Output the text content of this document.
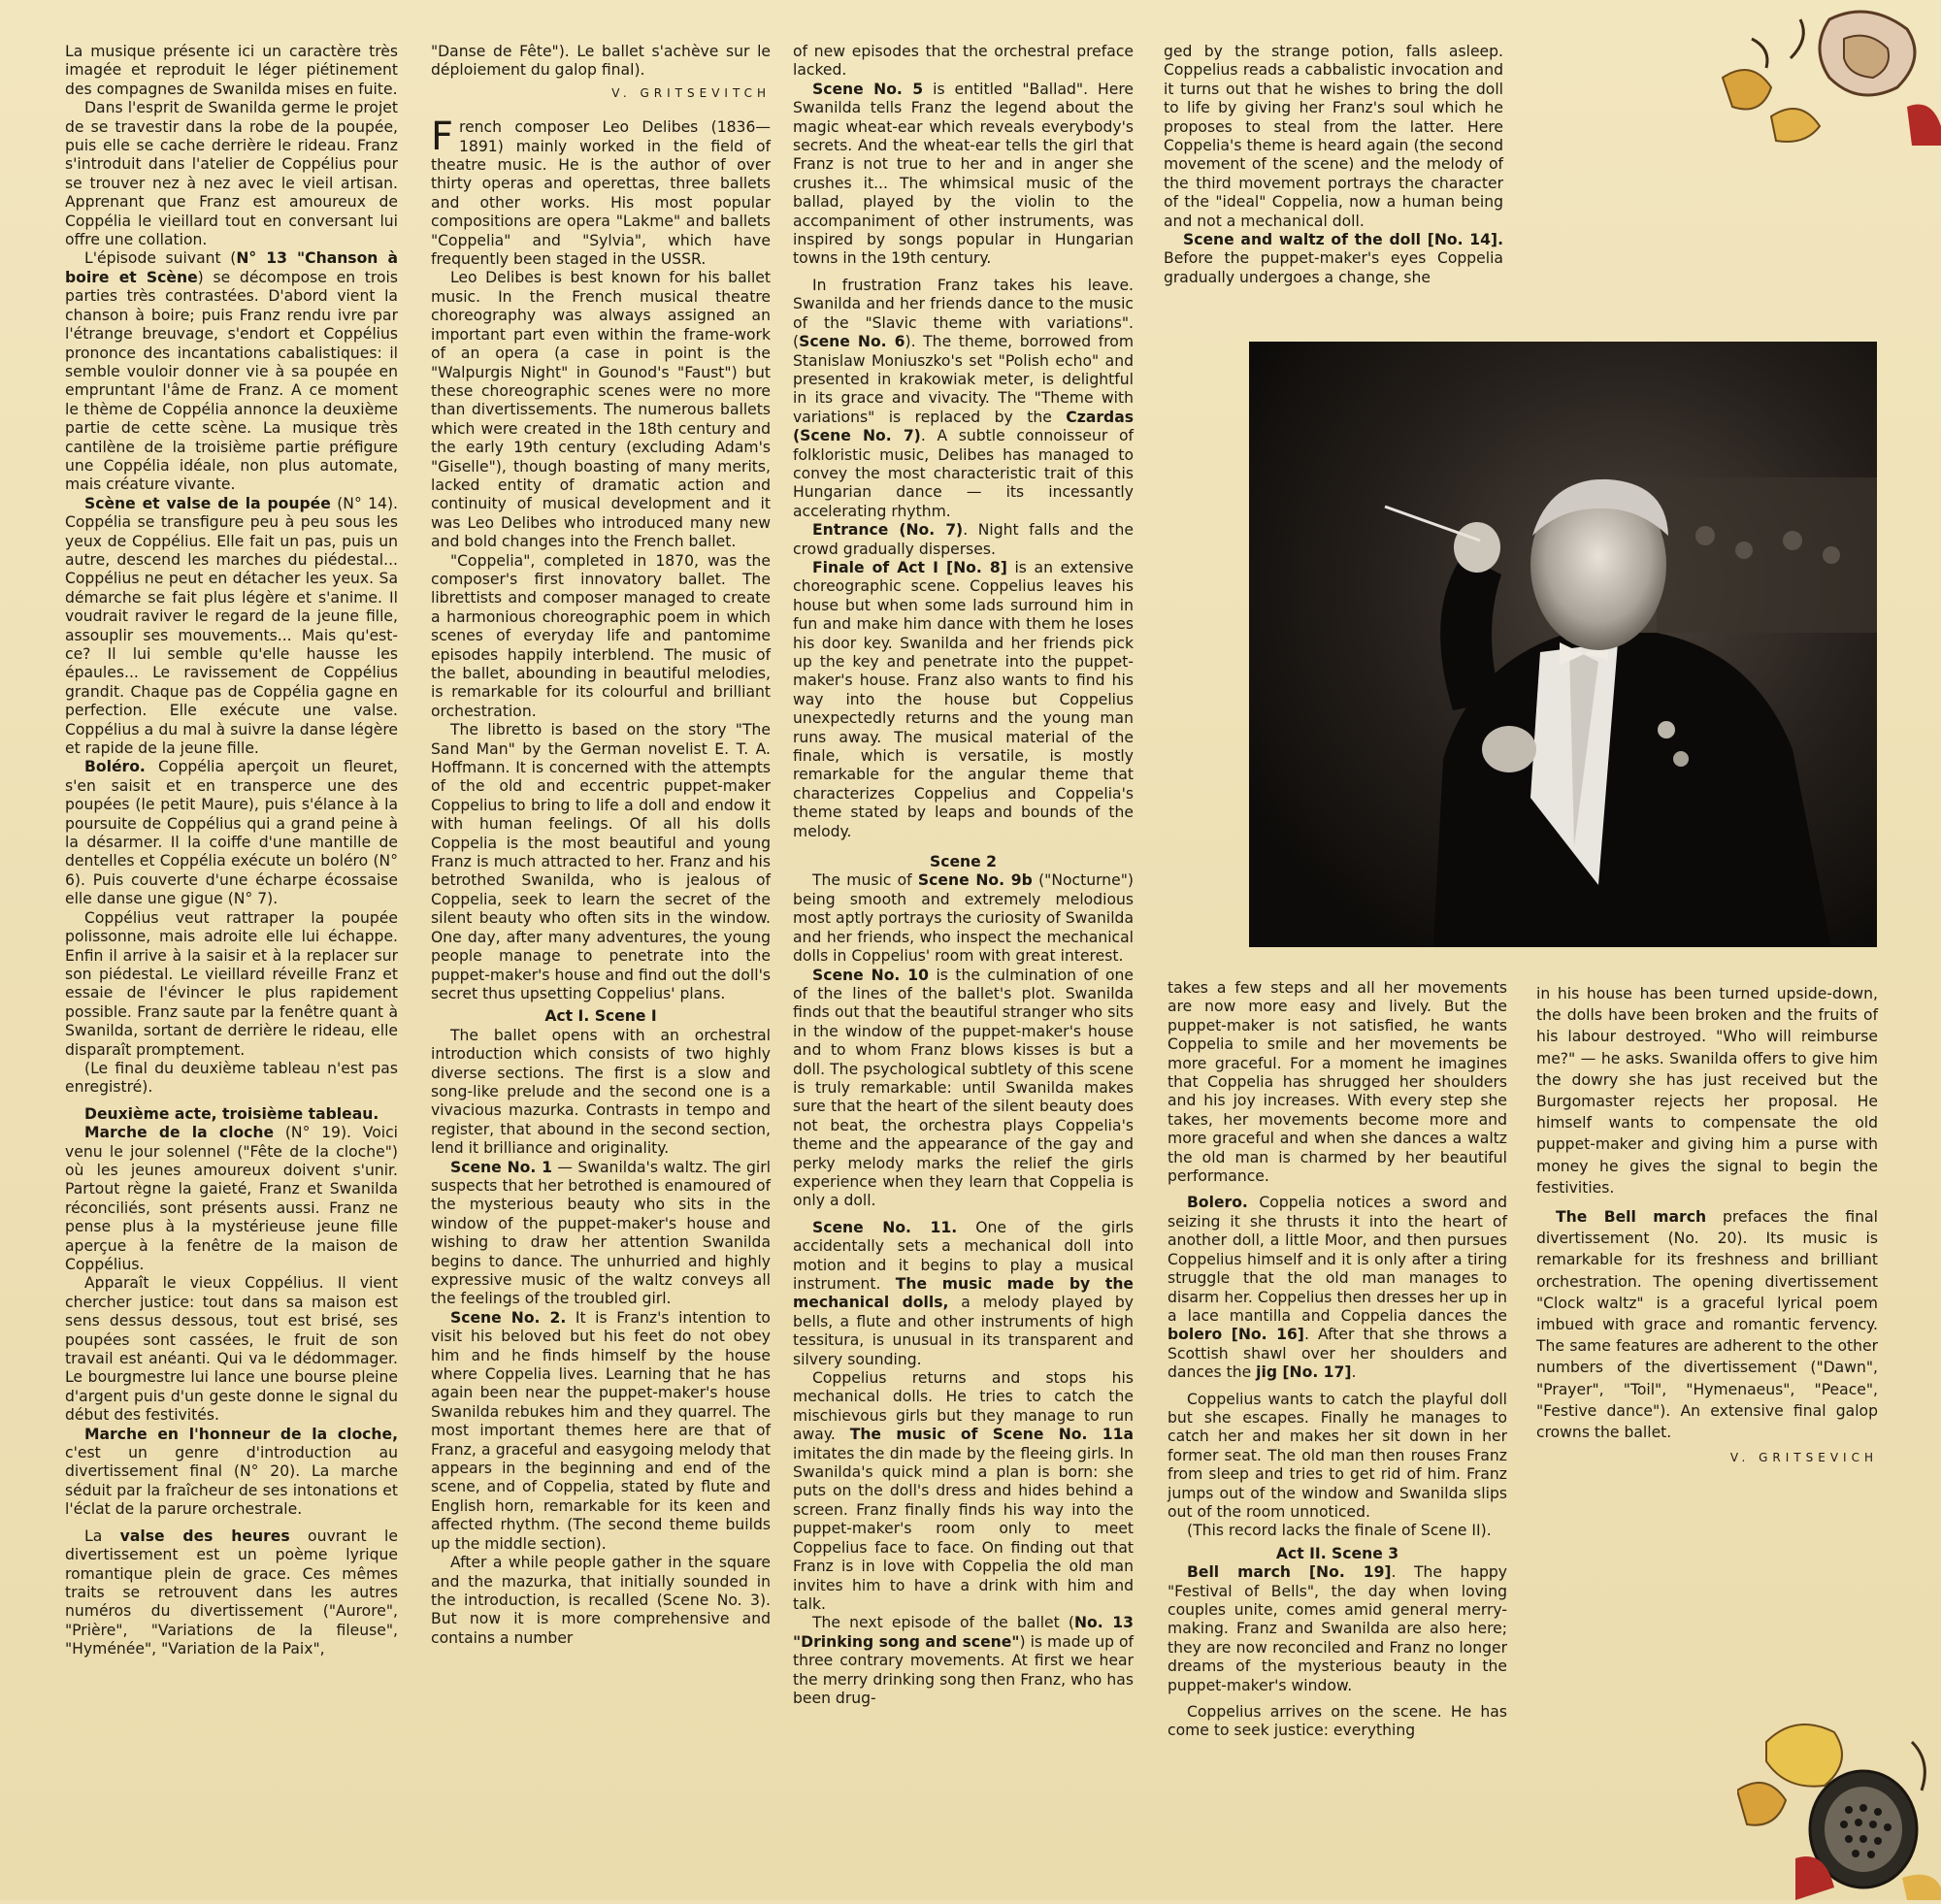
La musique présente ici un caractère très imagée et reproduit le léger piétinement des compagnes de Swanilda mises en fuite.

Dans l'esprit de Swanilda germe le projet de se travestir dans la robe de la poupée, puis elle se cache derrière le rideau. Franz s'introduit dans l'atelier de Coppélius pour se trouver nez à nez avec le vieil artisan. Apprenant que Franz est amoureux de Coppélia le vieillard tout en conversant lui offre une collation.

L'épisode suivant (N° 13 "Chanson à boire et Scène) se décompose en trois parties très contrastées. D'abord vient la chanson à boire; puis Franz rendu ivre par l'étrange breuvage, s'endort et Coppélius prononce des incantations cabalistiques: il semble vouloir donner vie à sa poupée en empruntant l'âme de Franz. A ce moment le thème de Coppélia annonce la deuxième partie de cette scène. La musique très cantilène de la troisième partie préfigure une Coppélia idéale, non plus automate, mais créature vivante.

Scène et valse de la poupée (N° 14). Coppélia se transfigure peu à peu sous les yeux de Coppélius. Elle fait un pas, puis un autre, descend les marches du piédestal... Coppélius ne peut en détacher les yeux. Sa démarche se fait plus légère et s'anime. Il voudrait raviver le regard de la jeune fille, assouplir ses mouvements... Mais qu'est-ce? Il lui semble qu'elle hausse les épaules... Le ravissement de Coppélius grandit. Chaque pas de Coppélia gagne en perfection. Elle exécute une valse. Coppélius a du mal à suivre la danse légère et rapide de la jeune fille.

Boléro. Coppélia aperçoit un fleuret, s'en saisit et en transperce une des poupées (le petit Maure), puis s'élance à la poursuite de Coppélius qui a grand peine à la désarmer. Il la coiffe d'une mantille de dentelles et Coppélia exécute un boléro (N° 6). Puis couverte d'une écharpe écossaise elle danse une gigue (N° 7).

Coppélius veut rattraper la poupée polissonne, mais adroite elle lui échappe. Enfin il arrive à la saisir et à la replacer sur son piédestal. Le vieillard réveille Franz et essaie de l'évincer le plus rapidement possible. Franz saute par la fenêtre quant à Swanilda, sortant de derrière le rideau, elle disparaît promptement.

(Le final du deuxième tableau n'est pas enregistré).

Deuxième acte, troisième tableau.

Marche de la cloche (N° 19). Voici venu le jour solennel ("Fête de la cloche") où les jeunes amoureux doivent s'unir. Partout règne la gaieté, Franz et Swanilda réconciliés, sont présents aussi. Franz ne pense plus à la mystérieuse jeune fille aperçue à la fenêtre de la maison de Coppélius.

Apparaît le vieux Coppélius. Il vient chercher justice: tout dans sa maison est sens dessus dessous, tout est brisé, ses poupées sont cassées, le fruit de son travail est anéanti. Qui va le dédommager. Le bourgmestre lui lance une bourse pleine d'argent puis d'un geste donne le signal du début des festivités.

Marche en l'honneur de la cloche, c'est un genre d'introduction au divertissement final (N° 20). La marche séduit par la fraîcheur de ses intonations et l'éclat de la parure orchestrale.

La valse des heures ouvrant le divertissement est un poème lyrique romantique plein de grace. Ces mêmes traits se retrouvent dans les autres numéros du divertissement ("Aurore", "Prière", "Variations de la fileuse", "Hyménée", "Variation de la Paix",

"Danse de Fête"). Le ballet s'achève sur le déploiement du galop final).

V. GRITSEVITCH

French composer Leo Delibes (1836—1891) mainly worked in the field of theatre music. He is the author of over thirty operas and operettas, three ballets and other works. His most popular compositions are opera "Lakme" and ballets "Coppelia" and "Sylvia", which have frequently been staged in the USSR.

Leo Delibes is best known for his ballet music. In the French musical theatre choreography was always assigned an important part even within the frame-work of an opera (a case in point is the "Walpurgis Night" in Gounod's "Faust") but these choreographic scenes were no more than divertissements. The numerous ballets which were created in the 18th century and the early 19th century (excluding Adam's "Giselle"), though boasting of many merits, lacked entity of dramatic action and continuity of musical development and it was Leo Delibes who introduced many new and bold changes into the French ballet.

"Coppelia", completed in 1870, was the composer's first innovatory ballet. The librettists and composer managed to create a harmonious choreographic poem in which scenes of everyday life and pantomime episodes happily interblend. The music of the ballet, abounding in beautiful melodies, is remarkable for its colourful and brilliant orchestration.

The libretto is based on the story "The Sand Man" by the German novelist E. T. A. Hoffmann. It is concerned with the attempts of the old and eccentric puppet-maker Coppelius to bring to life a doll and endow it with human feelings. Of all his dolls Coppelia is the most beautiful and young Franz is much attracted to her. Franz and his betrothed Swanilda, who is jealous of Coppelia, seek to learn the secret of the silent beauty who often sits in the window. One day, after many adventures, the young people manage to penetrate into the puppet-maker's house and find out the doll's secret thus upsetting Coppelius' plans.

Act I. Scene I

The ballet opens with an orchestral introduction which consists of two highly diverse sections. The first is a slow and song-like prelude and the second one is a vivacious mazurka. Contrasts in tempo and register, that abound in the second section, lend it brilliance and originality.

Scene No. 1 — Swanilda's waltz. The girl suspects that her betrothed is enamoured of the mysterious beauty who sits in the window of the puppet-maker's house and wishing to draw her attention Swanilda begins to dance. The unhurried and highly expressive music of the waltz conveys all the feelings of the troubled girl.

Scene No. 2. It is Franz's intention to visit his beloved but his feet do not obey him and he finds himself by the house where Coppelia lives. Learning that he has again been near the puppet-maker's house Swanilda rebukes him and they quarrel. The most important themes here are that of Franz, a graceful and easygoing melody that appears in the beginning and end of the scene, and of Coppelia, stated by flute and English horn, remarkable for its keen and affected rhythm. (The second theme builds up the middle section).

After a while people gather in the square and the mazurka, that initially sounded in the introduction, is recalled (Scene No. 3). But now it is more comprehensive and contains a number

of new episodes that the orchestral preface lacked.

Scene No. 5 is entitled "Ballad". Here Swanilda tells Franz the legend about the magic wheat-ear which reveals everybody's secrets. And the wheat-ear tells the girl that Franz is not true to her and in anger she crushes it... The whimsical music of the ballad, played by the violin to the accompaniment of other instruments, was inspired by songs popular in Hungarian towns in the 19th century.

In frustration Franz takes his leave. Swanilda and her friends dance to the music of the "Slavic theme with variations". (Scene No. 6). The theme, borrowed from Stanislaw Moniuszko's set "Polish echo" and presented in krakowiak meter, is delightful in its grace and vivacity. The "Theme with variations" is replaced by the Czardas (Scene No. 7). A subtle connoisseur of folkloristic music, Delibes has managed to convey the most characteristic trait of this Hungarian dance — its incessantly accelerating rhythm.

Entrance (No. 7). Night falls and the crowd gradually disperses.

Finale of Act I [No. 8] is an extensive choreographic scene. Coppelius leaves his house but when some lads surround him in fun and make him dance with them he loses his door key. Swanilda and her friends pick up the key and penetrate into the puppet-maker's house. Franz also wants to find his way into the house but Coppelius unexpectedly returns and the young man runs away. The musical material of the finale, which is versatile, is mostly remarkable for the angular theme that characterizes Coppelius and Coppelia's theme stated by leaps and bounds of the melody.

Scene 2

The music of Scene No. 9b ("Nocturne") being smooth and extremely melodious most aptly portrays the curiosity of Swanilda and her friends, who inspect the mechanical dolls in Coppelius' room with great interest.

Scene No. 10 is the culmination of one of the lines of the ballet's plot. Swanilda finds out that the beautiful stranger who sits in the window of the puppet-maker's house and to whom Franz blows kisses is but a doll. The psychological subtlety of this scene is truly remarkable: until Swanilda makes sure that the heart of the silent beauty does not beat, the orchestra plays Coppelia's theme and the appearance of the gay and perky melody marks the relief the girls experience when they learn that Coppelia is only a doll.

Scene No. 11. One of the girls accidentally sets a mechanical doll into motion and it begins to play a musical instrument. The music made by the mechanical dolls, a melody played by bells, a flute and other instruments of high tessitura, is unusual in its transparent and silvery sounding.

Coppelius returns and stops his mechanical dolls. He tries to catch the mischievous girls but they manage to run away. The music of Scene No. 11a imitates the din made by the fleeing girls. In Swanilda's quick mind a plan is born: she puts on the doll's dress and hides behind a screen. Franz finally finds his way into the puppet-maker's room only to meet Coppelius face to face. On finding out that Franz is in love with Coppelia the old man invites him to have a drink with him and talk.

The next episode of the ballet (No. 13 "Drinking song and scene") is made up of three contrary movements. At first we hear the merry drinking song then Franz, who has been drug-

ged by the strange potion, falls asleep. Coppelius reads a cabbalistic invocation and it turns out that he wishes to bring the doll to life by giving her Franz's soul which he proposes to steal from the latter. Here Coppelia's theme is heard again (the second movement of the scene) and the melody of the third movement portrays the character of the "ideal" Coppelia, now a human being and not a mechanical doll.

Scene and waltz of the doll [No. 14]. Before the puppet-maker's eyes Coppelia gradually undergoes a change, she

takes a few steps and all her movements are now more easy and lively. But the puppet-maker is not satisfied, he wants Coppelia to smile and her movements be more graceful. For a moment he imagines that Coppelia has shrugged her shoulders and his joy increases. With every step she takes, her movements become more and more graceful and when she dances a waltz the old man is charmed by her beautiful performance.

Bolero. Coppelia notices a sword and seizing it she thrusts it into the heart of another doll, a little Moor, and then pursues Coppelius himself and it is only after a tiring struggle that the old man manages to disarm her. Coppelius then dresses her up in a lace mantilla and Coppelia dances the bolero [No. 16]. After that she throws a Scottish shawl over her shoulders and dances the jig [No. 17].

Coppelius wants to catch the playful doll but she escapes. Finally he manages to catch her and makes her sit down in her former seat. The old man then rouses Franz from sleep and tries to get rid of him. Franz jumps out of the window and Swanilda slips out of the room unnoticed.

(This record lacks the finale of Scene II).

Act II. Scene 3

Bell march [No. 19]. The happy "Festival of Bells", the day when loving couples unite, comes amid general merry-making. Franz and Swanilda are also here; they are now reconciled and Franz no longer dreams of the mysterious beauty in the puppet-maker's window.

Coppelius arrives on the scene. He has come to seek justice: everything

in his house has been turned upside-down, the dolls have been broken and the fruits of his labour destroyed. "Who will reimburse me?" — he asks. Swanilda offers to give him the dowry she has just received but the Burgomaster rejects her proposal. He himself wants to compensate the old puppet-maker and giving him a purse with money he gives the signal to begin the festivities.

The Bell march prefaces the final divertissement (No. 20). Its music is remarkable for its freshness and brilliant orchestration. The opening divertissement "Clock waltz" is a graceful lyrical poem imbued with grace and romantic fervency. The same features are adherent to the other numbers of the divertissement ("Dawn", "Prayer", "Toil", "Hymenaeus", "Peace", "Festive dance"). An extensive final galop crowns the ballet.

V. GRITSEVICH
